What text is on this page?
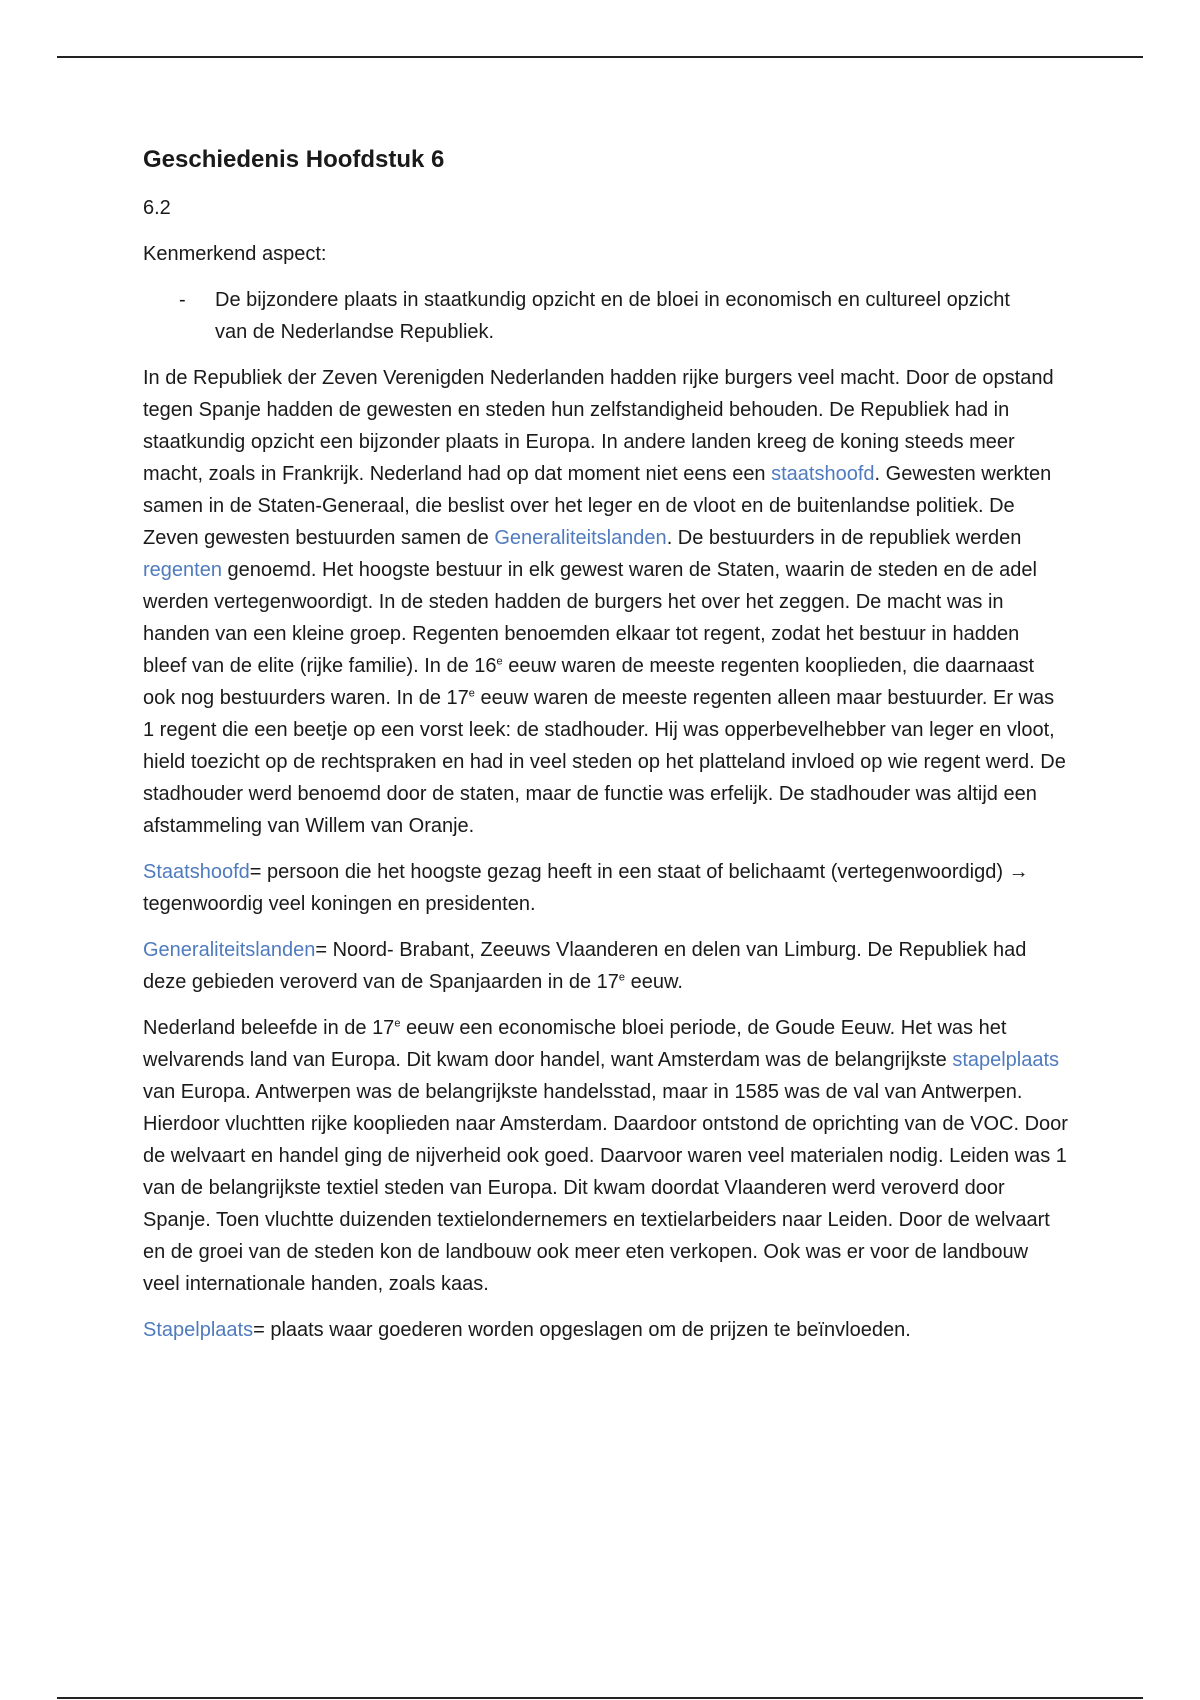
Geschiedenis Hoofdstuk 6

6.2

Kenmerkend aspect:

-	De bijzondere plaats in staatkundig opzicht en de bloei in economisch en cultureel opzicht van de Nederlandse Republiek.

In de Republiek der Zeven Verenigden Nederlanden hadden rijke burgers veel macht. Door de opstand tegen Spanje hadden de gewesten en steden hun zelfstandigheid behouden. De Republiek had in staatkundig opzicht een bijzonder plaats in Europa. In andere landen kreeg de koning steeds meer macht, zoals in Frankrijk. Nederland had op dat moment niet eens een staatshoofd. Gewesten werkten samen in de Staten-Generaal, die beslist over het leger en de vloot en de buitenlandse politiek. De Zeven gewesten bestuurden samen de Generaliteitslanden. De bestuurders in de republiek werden regenten genoemd. Het hoogste bestuur in elk gewest waren de Staten, waarin de steden en de adel werden vertegenwoordigt. In de steden hadden de burgers het over het zeggen. De macht was in handen van een kleine groep. Regenten benoemden elkaar tot regent, zodat het bestuur in hadden bleef van de elite (rijke familie). In de 16e eeuw waren de meeste regenten kooplieden, die daarnaast ook nog bestuurders waren. In de 17e eeuw waren de meeste regenten alleen maar bestuurder. Er was 1 regent die een beetje op een vorst leek: de stadhouder. Hij was opperbevelhebber van leger en vloot, hield toezicht op de rechtspraken en had in veel steden op het platteland invloed op wie regent werd. De stadhouder werd benoemd door de staten, maar de functie was erfelijk. De stadhouder was altijd een afstammeling van Willem van Oranje.

Staatshoofd= persoon die het hoogste gezag heeft in een staat of belichaamt (vertegenwoordigd) → tegenwoordig veel koningen en presidenten.

Generaliteitslanden= Noord- Brabant, Zeeuws Vlaanderen en delen van Limburg. De Republiek had deze gebieden veroverd van de Spanjaarden in de 17e eeuw.

Nederland beleefde in de 17e eeuw een economische bloei periode, de Goude Eeuw. Het was het welvarends land van Europa. Dit kwam door handel, want Amsterdam was de belangrijkste stapelplaats van Europa. Antwerpen was de belangrijkste handelsstad, maar in 1585 was de val van Antwerpen. Hierdoor vluchtten rijke kooplieden naar Amsterdam. Daardoor ontstond de oprichting van de VOC. Door de welvaart en handel ging de nijverheid ook goed. Daarvoor waren veel materialen nodig. Leiden was 1 van de belangrijkste textiel steden van Europa. Dit kwam doordat Vlaanderen werd veroverd door Spanje. Toen vluchtte duizenden textielondernemers en textielarbeiders naar Leiden. Door de welvaart en de groei van de steden kon de landbouw ook meer eten verkopen. Ook was er voor de landbouw veel internationale handen, zoals kaas.

Stapelplaats= plaats waar goederen worden opgeslagen om de prijzen te beïnvloeden.
